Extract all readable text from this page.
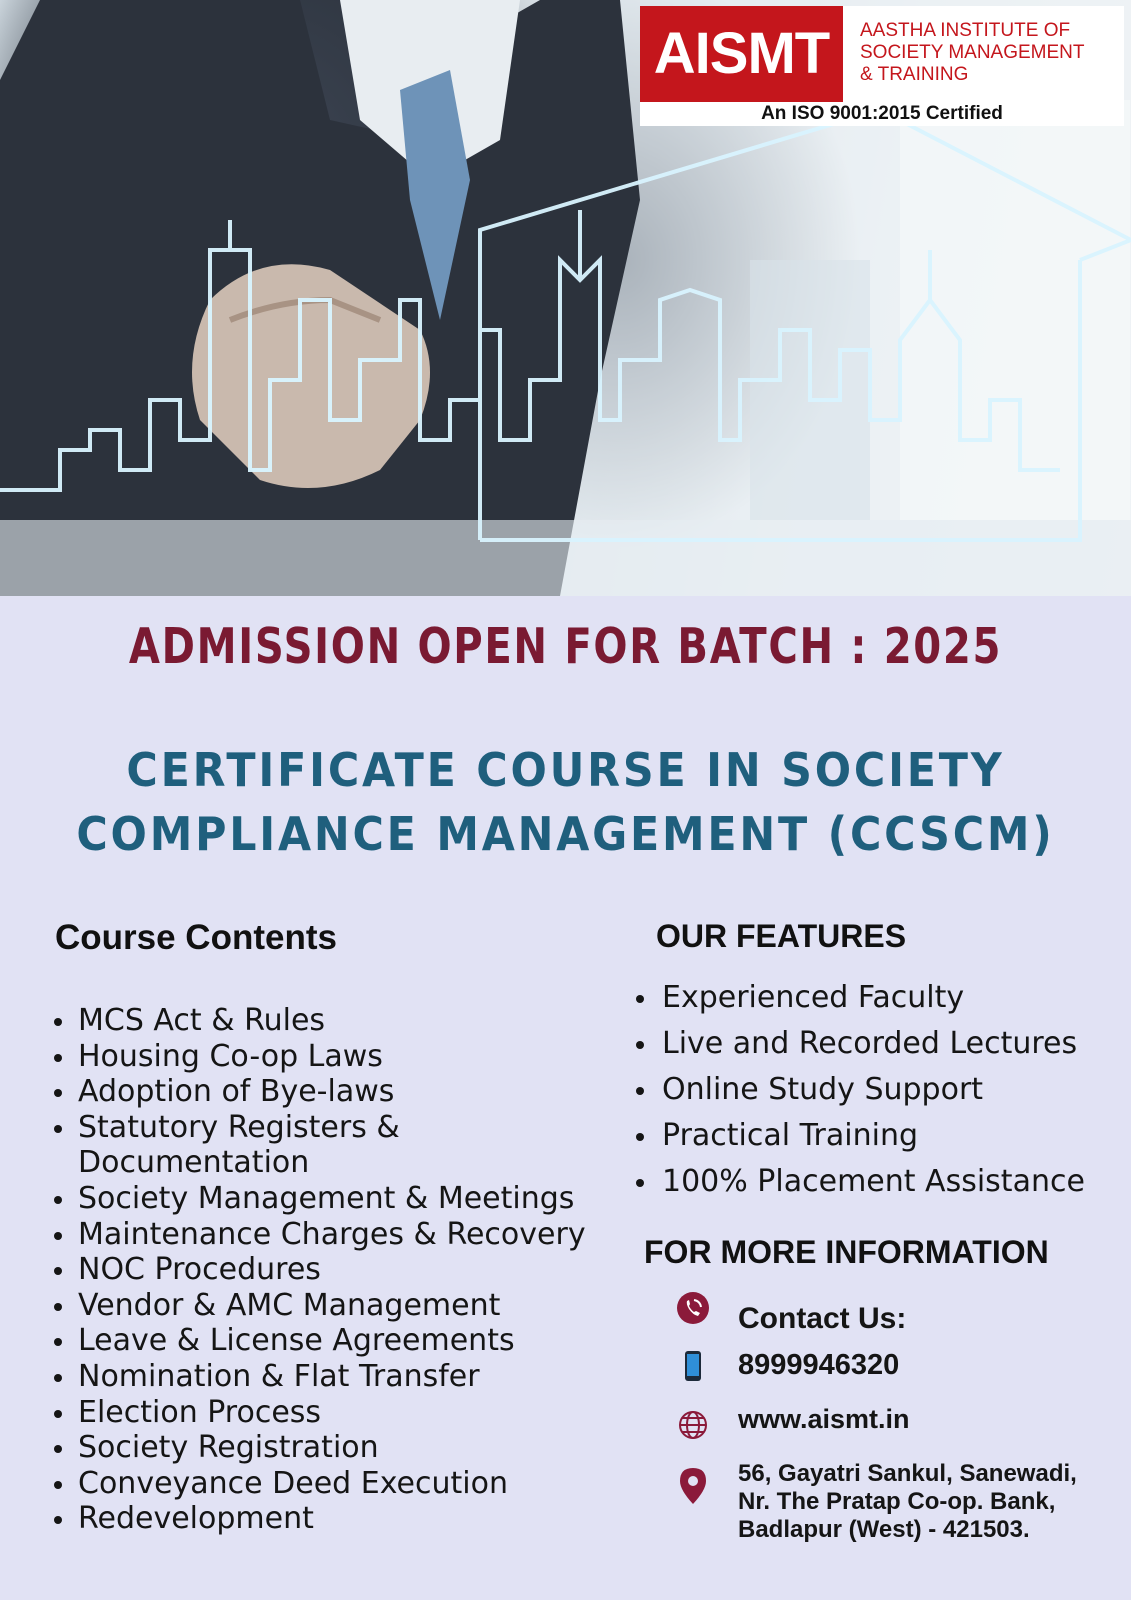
AISMT	AASTHA INSTITUTE OF
SOCIETY MANAGEMENT
& TRAINING
An ISO 9001:2015 Certified
ADMISSION OPEN FOR BATCH : 2025
CERTIFICATE COURSE IN SOCIETY
COMPLIANCE MANAGEMENT (CCSCM)
Course Contents
MCS Act & Rules
Housing Co-op Laws
Adoption of Bye-laws
Statutory Registers &
Documentation
Society Management & Meetings
Maintenance Charges & Recovery
NOC Procedures
Vendor & AMC Management
Leave & License Agreements
Nomination & Flat Transfer
Election Process
Society Registration
Conveyance Deed Execution
Redevelopment
OUR FEATURES
Experienced Faculty
Live and Recorded Lectures
Online Study Support
Practical Training
100% Placement Assistance
FOR MORE INFORMATION
Contact Us:
8999946320
www.aismt.in
56, Gayatri Sankul, Sanewadi,
Nr. The Pratap Co-op. Bank,
Badlapur (West) - 421503.
